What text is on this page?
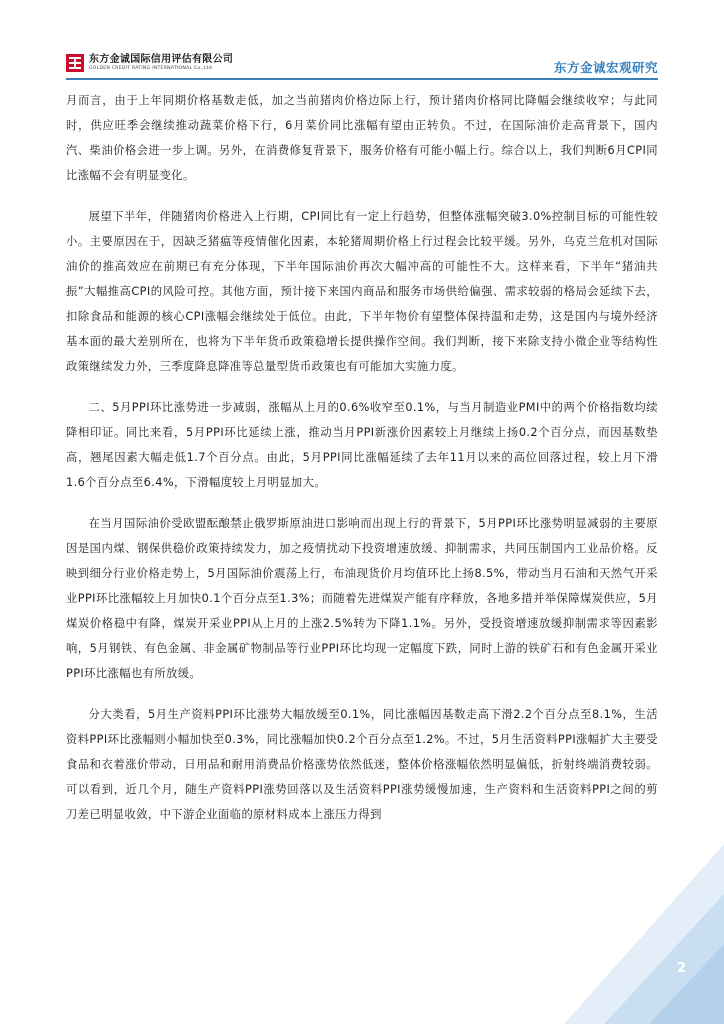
东方金诚国际信用评估有限公司
GOLDEN CREDIT RATING INTERNATIONAL Co.,Ltd.	东方金诚宏观研究

月而言，由于上年同期价格基数走低，加之当前猪肉价格边际上行，预计猪肉价格同比降幅会继续收窄；与此同时，供应旺季会继续推动蔬菜价格下行，6月菜价同比涨幅有望由正转负。不过，在国际油价走高背景下，国内汽、柴油价格会进一步上调。另外，在消费修复背景下，服务价格有可能小幅上行。综合以上，我们判断6月CPI同比涨幅不会有明显变化。

展望下半年，伴随猪肉价格进入上行期，CPI同比有一定上行趋势，但整体涨幅突破3.0%控制目标的可能性较小。主要原因在于，因缺乏猪瘟等疫情催化因素，本轮猪周期价格上行过程会比较平缓。另外，乌克兰危机对国际油价的推高效应在前期已有充分体现，下半年国际油价再次大幅冲高的可能性不大。这样来看，下半年“猪油共振”大幅推高CPI的风险可控。其他方面，预计接下来国内商品和服务市场供给偏强、需求较弱的格局会延续下去，扣除食品和能源的核心CPI涨幅会继续处于低位。由此，下半年物价有望整体保持温和走势，这是国内与境外经济基本面的最大差别所在，也将为下半年货币政策稳增长提供操作空间。我们判断，接下来除支持小微企业等结构性政策继续发力外，三季度降息降准等总量型货币政策也有可能加大实施力度。

二、5月PPI环比涨势进一步减弱，涨幅从上月的0.6%收窄至0.1%，与当月制造业PMI中的两个价格指数均续降相印证。同比来看，5月PPI环比延续上涨，推动当月PPI新涨价因素较上月继续上扬0.2个百分点，而因基数垫高，翘尾因素大幅走低1.7个百分点。由此，5月PPI同比涨幅延续了去年11月以来的高位回落过程，较上月下滑1.6个百分点至6.4%，下滑幅度较上月明显加大。

在当月国际油价受欧盟酝酿禁止俄罗斯原油进口影响而出现上行的背景下，5月PPI环比涨势明显减弱的主要原因是国内煤、钢保供稳价政策持续发力，加之疫情扰动下投资增速放缓、抑制需求，共同压制国内工业品价格。反映到细分行业价格走势上，5月国际油价震荡上行，布油现货价月均值环比上扬8.5%，带动当月石油和天然气开采业PPI环比涨幅较上月加快0.1个百分点至1.3%；而随着先进煤炭产能有序释放，各地多措并举保障煤炭供应，5月煤炭价格稳中有降，煤炭开采业PPI从上月的上涨2.5%转为下降1.1%。另外，受投资增速放缓抑制需求等因素影响，5月钢铁、有色金属、非金属矿物制品等行业PPI环比均现一定幅度下跌，同时上游的铁矿石和有色金属开采业PPI环比涨幅也有所放缓。

分大类看，5月生产资料PPI环比涨势大幅放缓至0.1%，同比涨幅因基数走高下滑2.2个百分点至8.1%，生活资料PPI环比涨幅则小幅加快至0.3%，同比涨幅加快0.2个百分点至1.2%。不过，5月生活资料PPI涨幅扩大主要受食品和衣着涨价带动，日用品和耐用消费品价格涨势依然低迷，整体价格涨幅依然明显偏低，折射终端消费较弱。可以看到，近几个月，随生产资料PPI涨势回落以及生活资料PPI涨势缓慢加速，生产资料和生活资料PPI之间的剪刀差已明显收敛，中下游企业面临的原材料成本上涨压力得到

2
